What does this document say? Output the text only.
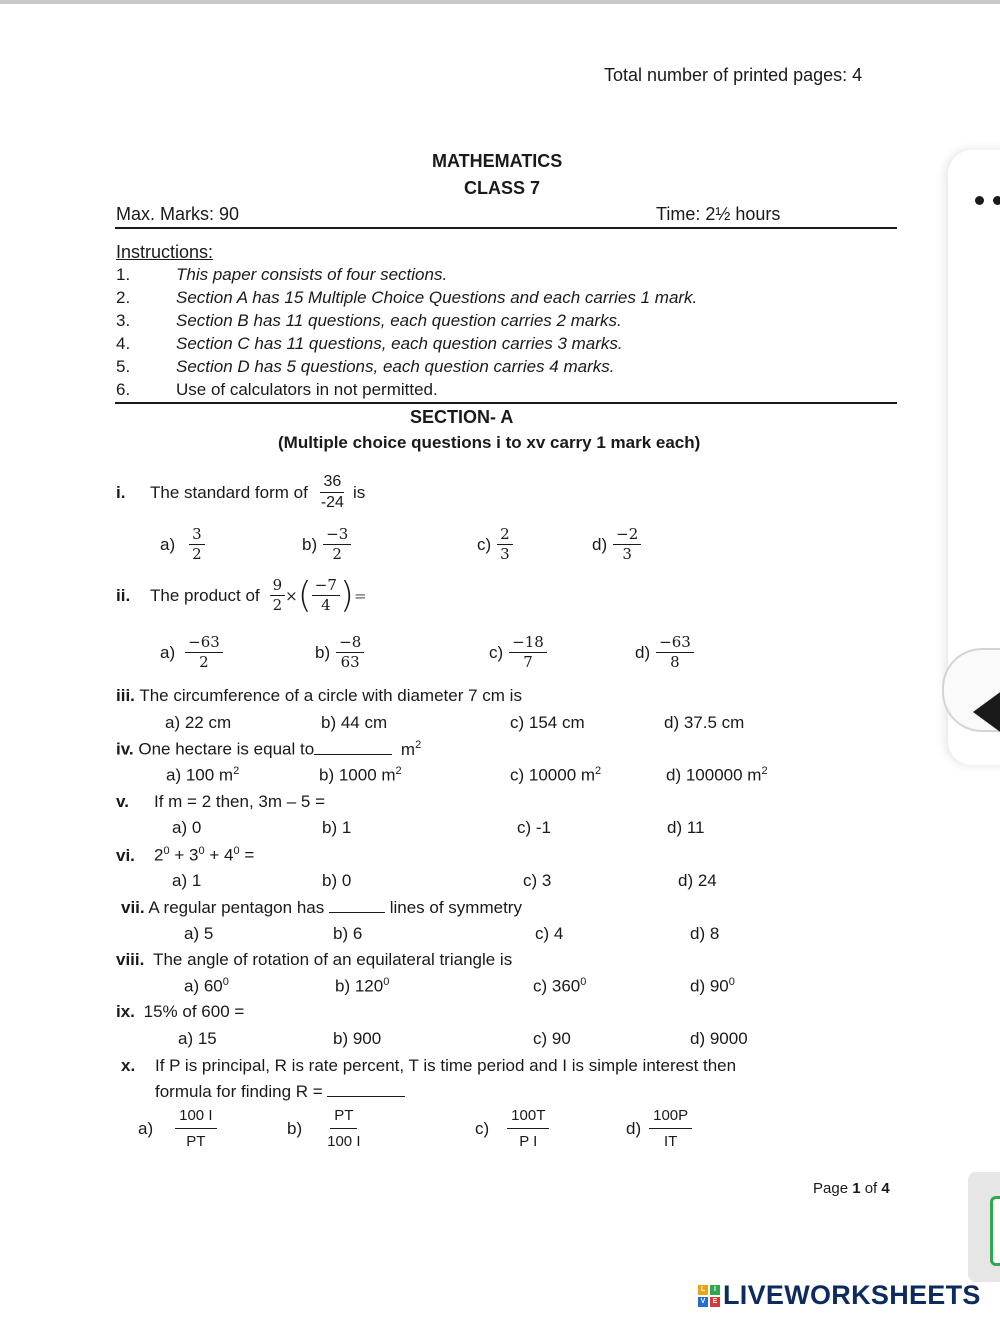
Total number of printed pages: 4
MATHEMATICS
CLASS 7
Max. Marks: 90	Time: 2½ hours
Instructions:
1.	This paper consists of four sections.
2.	Section A has 15 Multiple Choice Questions and each carries 1 mark.
3.	Section B has 11 questions, each question carries 2 marks.
4.	Section C has 11 questions, each question carries 3 marks.
5.	Section D has 5 questions, each question carries 4 marks.
6.	Use of calculators in not permitted.
SECTION- A
(Multiple choice questions i to xv carry 1 mark each)
i.	The standard form of $\frac{36}{-24}$ is
$a) \frac{3}{2}$	$b) \frac{-3}{2}$	$c) \frac{2}{3}$	$d) \frac{-2}{3}$
ii.	The product of $\frac{9}{2}$ × ( $\frac{-7}{4}$ ) =
$a) \frac{-63}{2}$	$b) \frac{-8}{63}$	$c) \frac{-18}{7}$	$d) \frac{-63}{8}$
iii. The circumference of a circle with diameter 7 cm is
a) 22 cm	b) 44 cm	c) 154 cm	d) 37.5 cm
iv. One hectare is equal to	$m^2$
a) 100 $m^2$	b) 1000 $m^2$	c) 10000 $m^2$	d) 100000 $m^2$
v. If m = 2 then, 3m – 5 =
a) 0	b) 1	c) -1	d) 11
vi. $2^0 + 3^0 + 4^0$ =
a) 1	b) 0	c) 3	d) 24
vii. A regular pentagon has	lines of symmetry
a) 5	b) 6	c) 4	d) 8
viii. The angle of rotation of an equilateral triangle is
a) $60^0$	b) $120^0$	c) $360^0$	d) $90^0$
ix. 15% of 600 =
a) 15	b) 900	c) 90	d) 9000
x. If P is principal, R is rate percent, T is time period and I is simple interest then
formula for finding R =
$a) \frac{100 I}{PT}$	$b) \frac{PT}{100 I}$	$c) \frac{100T}{\text{P I}}$	$d) \frac{100P}{IT}$
Page 1 of 4
L	I
V	E LIVEWORKSHEETS
